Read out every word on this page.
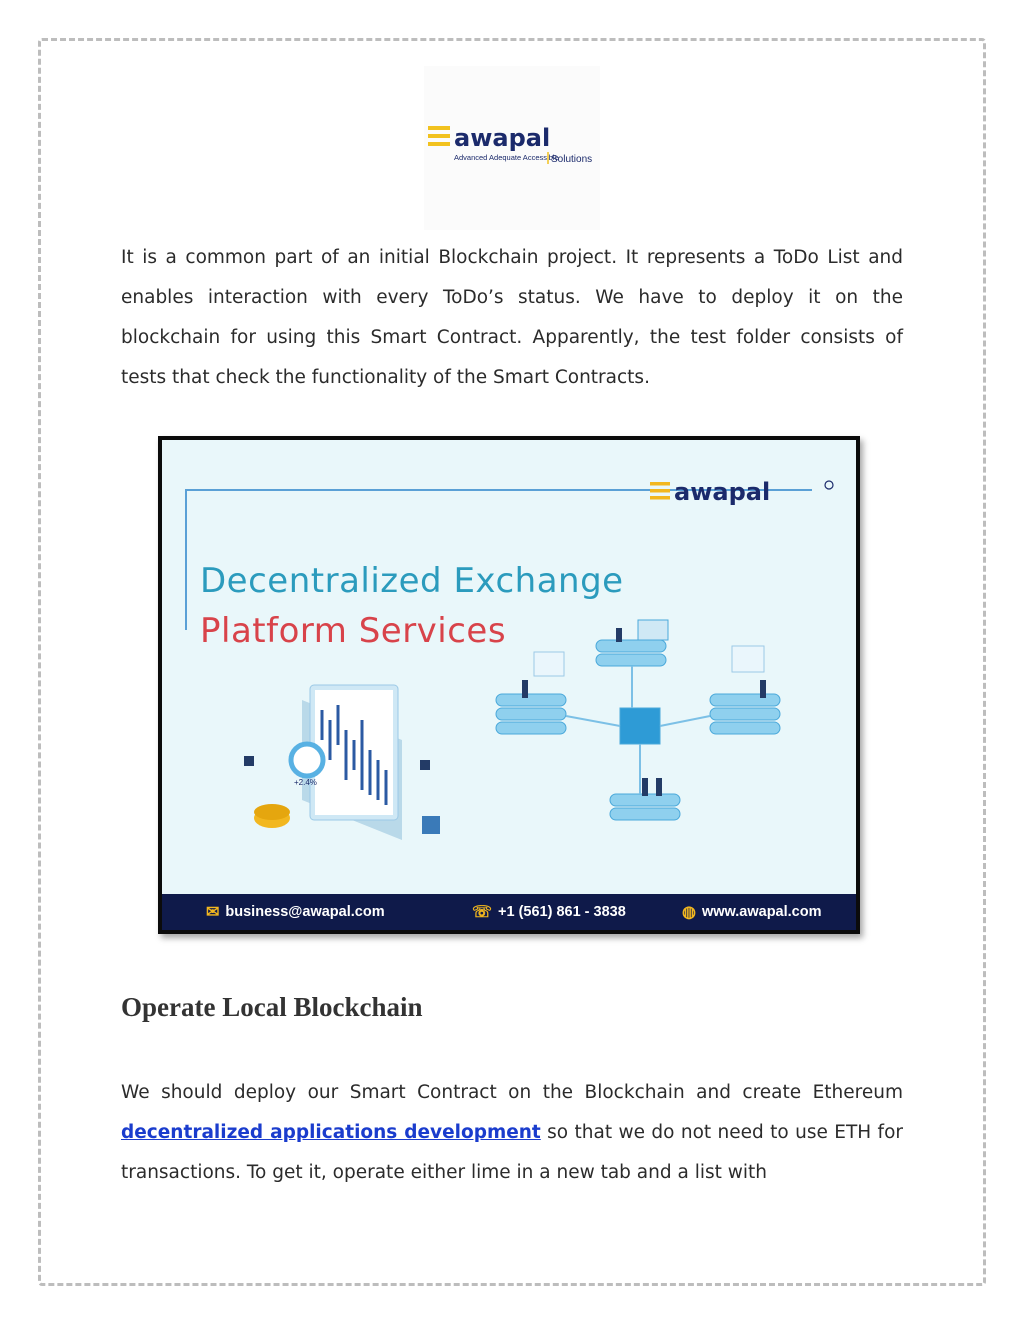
awapal
Advanced Adequate Accessible
Solutions

It is a common part of an initial Blockchain project. It represents a ToDo List and enables interaction with every ToDo’s status. We have to deploy it on the blockchain for using this Smart Contract. Apparently, the test folder consists of tests that check the functionality of the Smart Contracts.

awapal
+2.4%
Decentralized Exchange
Platform Services
✉ business@awapal.com	☏ +1 (561) 861 - 3838	◍ www.awapal.com
Operate Local Blockchain

We should deploy our Smart Contract on the Blockchain and create Ethereum decentralized applications development so that we do not need to use ETH for transactions. To get it, operate either lime in a new tab and a list with
